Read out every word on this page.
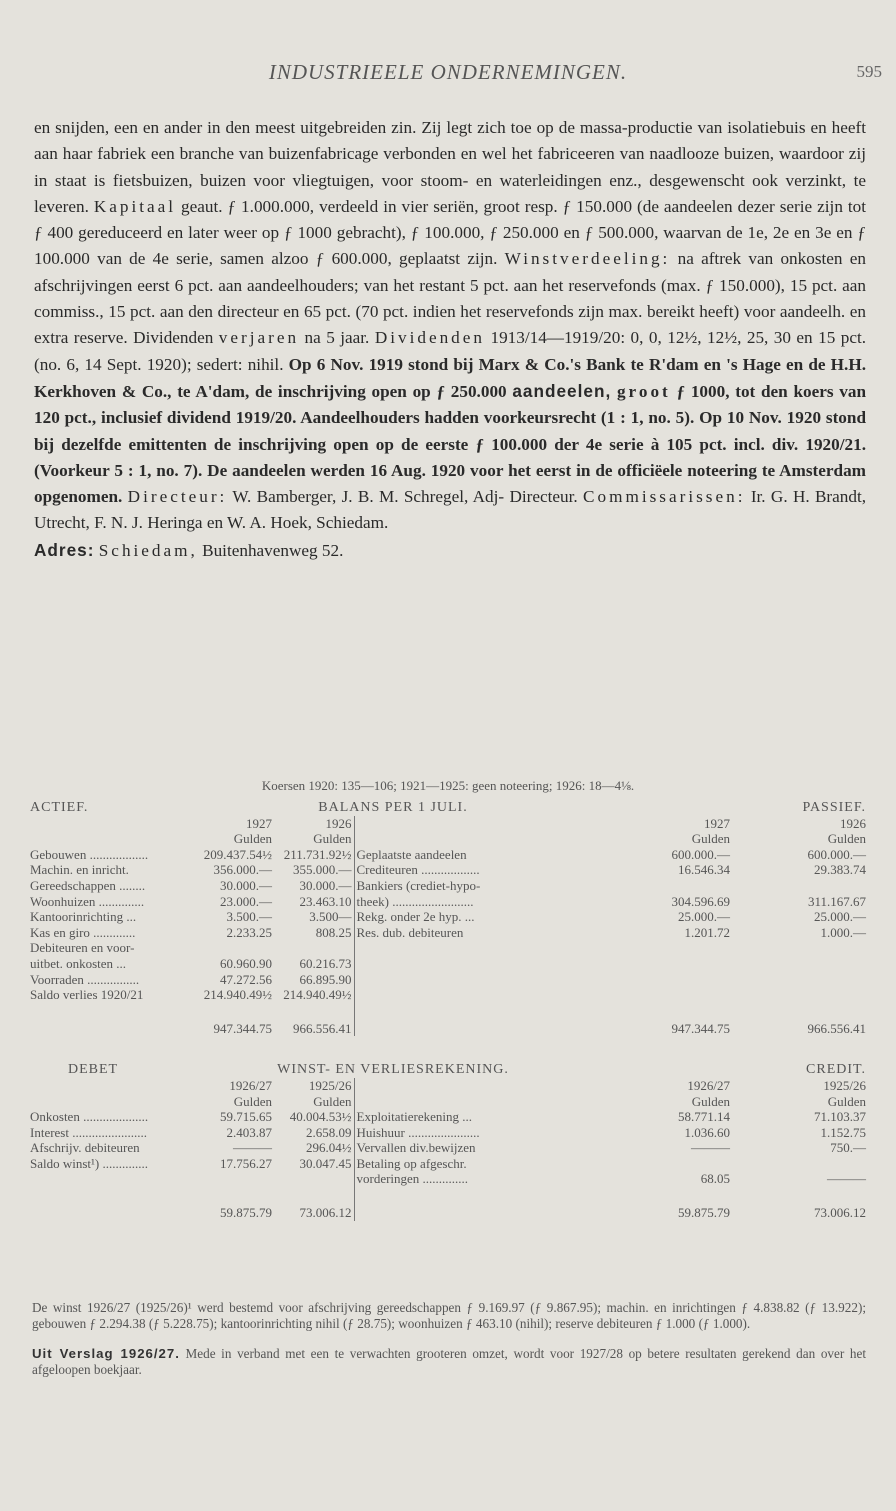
INDUSTRIEELE ONDERNEMINGEN.	595

en snijden, een en ander in den meest uitgebreiden zin. Zij legt zich toe op de massa-productie van isolatiebuis en heeft aan haar fabriek een branche van buizenfabricage verbonden en wel het fabriceeren van naadlooze buizen, waardoor zij in staat is fietsbuizen, buizen voor vliegtuigen, voor stoom- en waterleidingen enz., desgewenscht ook verzinkt, te leveren. Kapitaal geaut. ƒ 1.000.000, verdeeld in vier seriën, groot resp. ƒ 150.000 (de aandeelen dezer serie zijn tot ƒ 400 gereduceerd en later weer op ƒ 1000 gebracht), ƒ 100.000, ƒ 250.000 en ƒ 500.000, waarvan de 1e, 2e en 3e en ƒ 100.000 van de 4e serie, samen alzoo ƒ 600.000, geplaatst zijn. Winstverdeeling: na aftrek van onkosten en afschrijvingen eerst 6 pct. aan aandeelhouders; van het restant 5 pct. aan het reservefonds (max. ƒ 150.000), 15 pct. aan commiss., 15 pct. aan den directeur en 65 pct. (70 pct. indien het reservefonds zijn max. bereikt heeft) voor aandeelh. en extra reserve. Dividenden verjaren na 5 jaar. Dividenden 1913/14—1919/20: 0, 0, 12½, 12½, 25, 30 en 15 pct. (no. 6, 14 Sept. 1920); sedert: nihil. Op 6 Nov. 1919 stond bij Marx & Co.'s Bank te R'dam en 's Hage en de H.H. Kerkhoven & Co., te A'dam, de inschrijving open op ƒ 250.000 aandeelen, groot ƒ 1000, tot den koers van 120 pct., inclusief dividend 1919/20. Aandeelhouders hadden voorkeursrecht (1 : 1, no. 5). Op 10 Nov. 1920 stond bij dezelfde emittenten de inschrijving open op de eerste ƒ 100.000 der 4e serie à 105 pct. incl. div. 1920/21. (Voorkeur 5 : 1, no. 7). De aandeelen werden 16 Aug. 1920 voor het eerst in de officiëele noteering te Amsterdam opgenomen. Directeur: W. Bamberger, J. B. M. Schregel, Adj- Directeur. Commissarissen: Ir. G. H. Brandt, Utrecht, F. N. J. Heringa en W. A. Hoek, Schiedam.
Adres: Schiedam, Buitenhavenweg 52.

Koersen 1920: 135—106; 1921—1925: geen noteering; 1926: 18—4⅛.
ACTIEF.	BALANS PER 1 JULI.			PASSIEF.	
	1927	1926		1927	1926
	Gulden	Gulden		Gulden	Gulden
Gebouwen ..................	209.437.54½	211.731.92½	Geplaatste aandeelen	600.000.—	600.000.—
Machin. en inricht.	356.000.—	355.000.—	Crediteuren ..................	16.546.34	29.383.74
Gereedschappen ........	30.000.—	30.000.—	Bankiers (crediet-hypo-		
Woonhuizen ..............	23.000.—	23.463.10	theek) .........................	304.596.69	311.167.67
Kantoorinrichting ...	3.500.—	3.500—	Rekg. onder 2e hyp. ...	25.000.—	25.000.—
Kas en giro .............	2.233.25	808.25	Res. dub. debiteuren	1.201.72	1.000.—
Debiteuren en voor-					
uitbet. onkosten ...	60.960.90	60.216.73			
Voorraden ................	47.272.56	66.895.90			
Saldo verlies 1920/21	214.940.49½	214.940.49½			

	947.344.75	966.556.41		947.344.75	966.556.41
DEBET	WINST- EN VERLIESREKENING.			CREDIT.	
	1926/27	1925/26		1926/27	1925/26
	Gulden	Gulden		Gulden	Gulden
Onkosten ....................	59.715.65	40.004.53½	Exploitatierekening ...	58.771.14	71.103.37
Interest .......................	2.403.87	2.658.09	Huishuur ......................	1.036.60	1.152.75
Afschrijv. debiteuren	———	296.04½	Vervallen div.bewijzen	———	750.—
Saldo winst¹) ..............	17.756.27	30.047.45	Betaling op afgeschr.		
			vorderingen ..............	68.05	———

	59.875.79	73.006.12		59.875.79	73.006.12

De winst 1926/27 (1925/26)¹ werd bestemd voor afschrijving gereedschappen ƒ 9.169.97 (ƒ 9.867.95); machin. en inrichtingen ƒ 4.838.82 (ƒ 13.922); gebouwen ƒ 2.294.38 (ƒ 5.228.75); kantoorinrichting nihil (ƒ 28.75); woonhuizen ƒ 463.10 (nihil); reserve debiteuren ƒ 1.000 (ƒ 1.000).

Uit Verslag 1926/27. Mede in verband met een te verwachten grooteren omzet, wordt voor 1927/28 op betere resultaten gerekend dan over het afgeloopen boekjaar.
